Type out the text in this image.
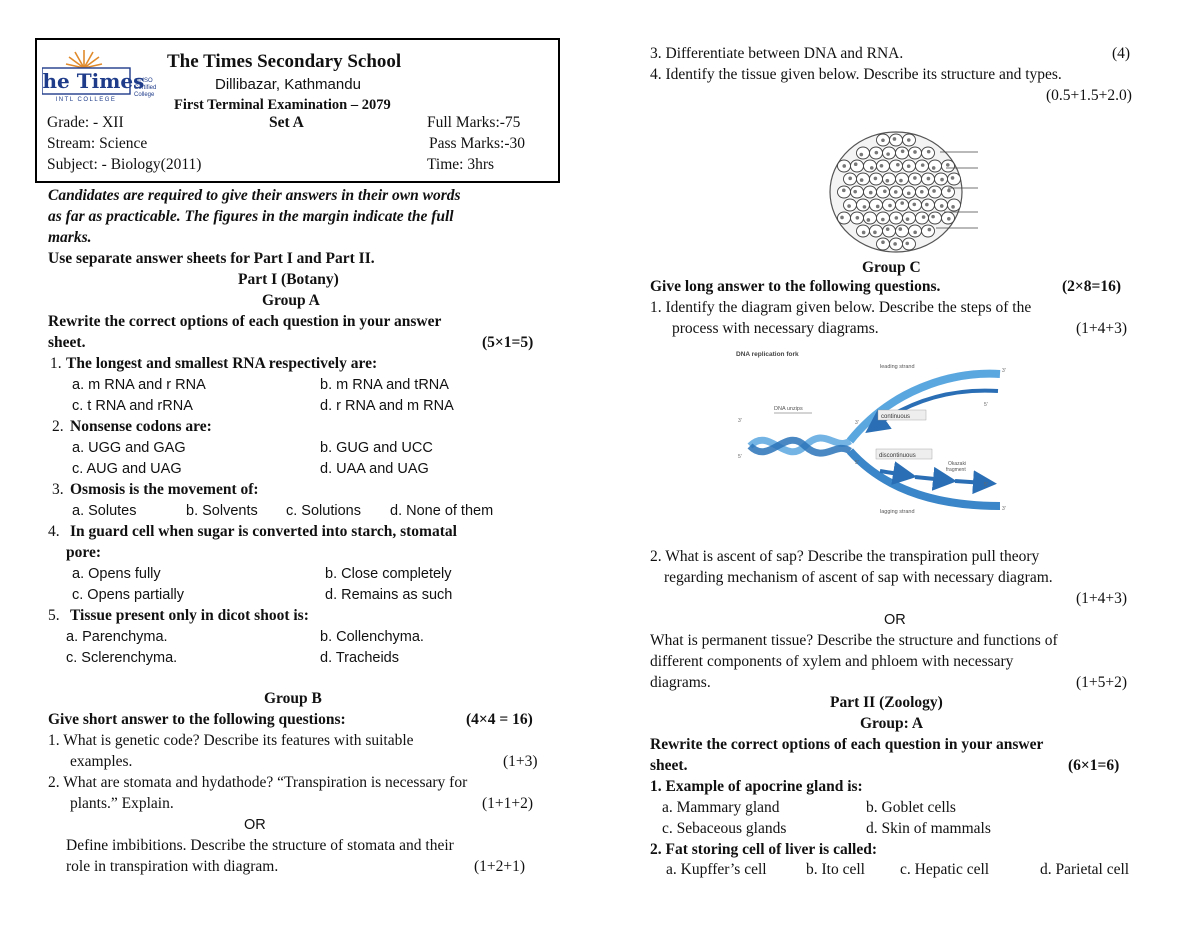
he Times
INTL COLLEGE
an ISO
Certified
College
The Times Secondary School
Dillibazar, Kathmandu
First Terminal Examination – 2079
Grade: - XII	Set A	Full Marks:-75
Stream: Science	Pass Marks:-30
Subject: - Biology(2011)	Time: 3hrs
Candidates are required to give their answers in their own words
as far as practicable. The figures in the margin indicate the full
marks.
Use separate answer sheets for Part I and Part II.
Part I (Botany)
Group A
Rewrite the correct options of each question in your answer
sheet.	(5×1=5)
1. The longest and smallest RNA respectively are:
a. m RNA and r RNA	b. m RNA and tRNA
c. t RNA and rRNA	d. r RNA and m RNA
2. Nonsense codons are:
a. UGG and GAG	b. GUG and UCC
c. AUG and UAG	d. UAA and UAG
3. Osmosis is the movement of:
a. Solutes	b. Solvents c. Solutions d. None of them
4. In guard cell when sugar is converted into starch, stomatal
pore:
a. Opens fully	b. Close completely
c. Opens partially	d. Remains as such
5. Tissue present only in dicot shoot is:
a. Parenchyma.	b. Collenchyma.
c. Sclerenchyma.	d. Tracheids
Group B
Give short answer to the following questions:	(4×4 = 16)
1. What is genetic code? Describe its features with suitable
examples.	(1+3)
2. What are stomata and hydathode? “Transpiration is necessary for
plants.” Explain.	(1+1+2)
OR
Define imbibitions. Describe the structure of stomata and their
role in transpiration with diagram.	(1+2+1)
3. Differentiate between DNA and RNA.	(4)
4. Identify the tissue given below. Describe its structure and types.
(0.5+1.5+2.0)
Group C
Give long answer to the following questions.	(2×8=16)
1. Identify the diagram given below. Describe the steps of the
process with necessary diagrams.	(1+4+3)
DNA replication fork
leading strand
lagging strand
DNA unzips
continuous
discontinuous
Okazaki
fragment
3'
5'
3'
5'
3'
5'
3'
5'
2. What is ascent of sap? Describe the transpiration pull theory
regarding mechanism of ascent of sap with necessary diagram.
(1+4+3)
OR
What is permanent tissue? Describe the structure and functions of
different components of xylem and phloem with necessary
diagrams.	(1+5+2)
Part II (Zoology)
Group: A
Rewrite the correct options of each question in your answer
sheet.	(6×1=6)
1. Example of apocrine gland is:
a. Mammary gland	b. Goblet cells
c. Sebaceous glands	d. Skin of mammals
2. Fat storing cell of liver is called:
a. Kupffer’s cell	b. Ito cell c. Hepatic cell	d. Parietal cell
